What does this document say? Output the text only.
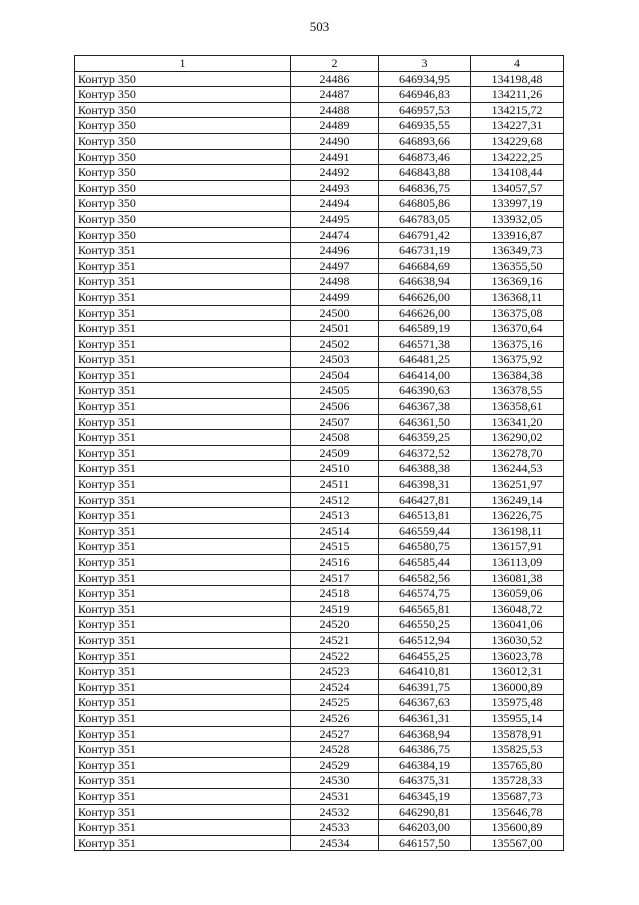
503
1	2	3	4
Контур 350	24486	646934,95	134198,48
Контур 350	24487	646946,83	134211,26
Контур 350	24488	646957,53	134215,72
Контур 350	24489	646935,55	134227,31
Контур 350	24490	646893,66	134229,68
Контур 350	24491	646873,46	134222,25
Контур 350	24492	646843,88	134108,44
Контур 350	24493	646836,75	134057,57
Контур 350	24494	646805,86	133997,19
Контур 350	24495	646783,05	133932,05
Контур 350	24474	646791,42	133916,87
Контур 351	24496	646731,19	136349,73
Контур 351	24497	646684,69	136355,50
Контур 351	24498	646638,94	136369,16
Контур 351	24499	646626,00	136368,11
Контур 351	24500	646626,00	136375,08
Контур 351	24501	646589,19	136370,64
Контур 351	24502	646571,38	136375,16
Контур 351	24503	646481,25	136375,92
Контур 351	24504	646414,00	136384,38
Контур 351	24505	646390,63	136378,55
Контур 351	24506	646367,38	136358,61
Контур 351	24507	646361,50	136341,20
Контур 351	24508	646359,25	136290,02
Контур 351	24509	646372,52	136278,70
Контур 351	24510	646388,38	136244,53
Контур 351	24511	646398,31	136251,97
Контур 351	24512	646427,81	136249,14
Контур 351	24513	646513,81	136226,75
Контур 351	24514	646559,44	136198,11
Контур 351	24515	646580,75	136157,91
Контур 351	24516	646585,44	136113,09
Контур 351	24517	646582,56	136081,38
Контур 351	24518	646574,75	136059,06
Контур 351	24519	646565,81	136048,72
Контур 351	24520	646550,25	136041,06
Контур 351	24521	646512,94	136030,52
Контур 351	24522	646455,25	136023,78
Контур 351	24523	646410,81	136012,31
Контур 351	24524	646391,75	136000,89
Контур 351	24525	646367,63	135975,48
Контур 351	24526	646361,31	135955,14
Контур 351	24527	646368,94	135878,91
Контур 351	24528	646386,75	135825,53
Контур 351	24529	646384,19	135765,80
Контур 351	24530	646375,31	135728,33
Контур 351	24531	646345,19	135687,73
Контур 351	24532	646290,81	135646,78
Контур 351	24533	646203,00	135600,89
Контур 351	24534	646157,50	135567,00
